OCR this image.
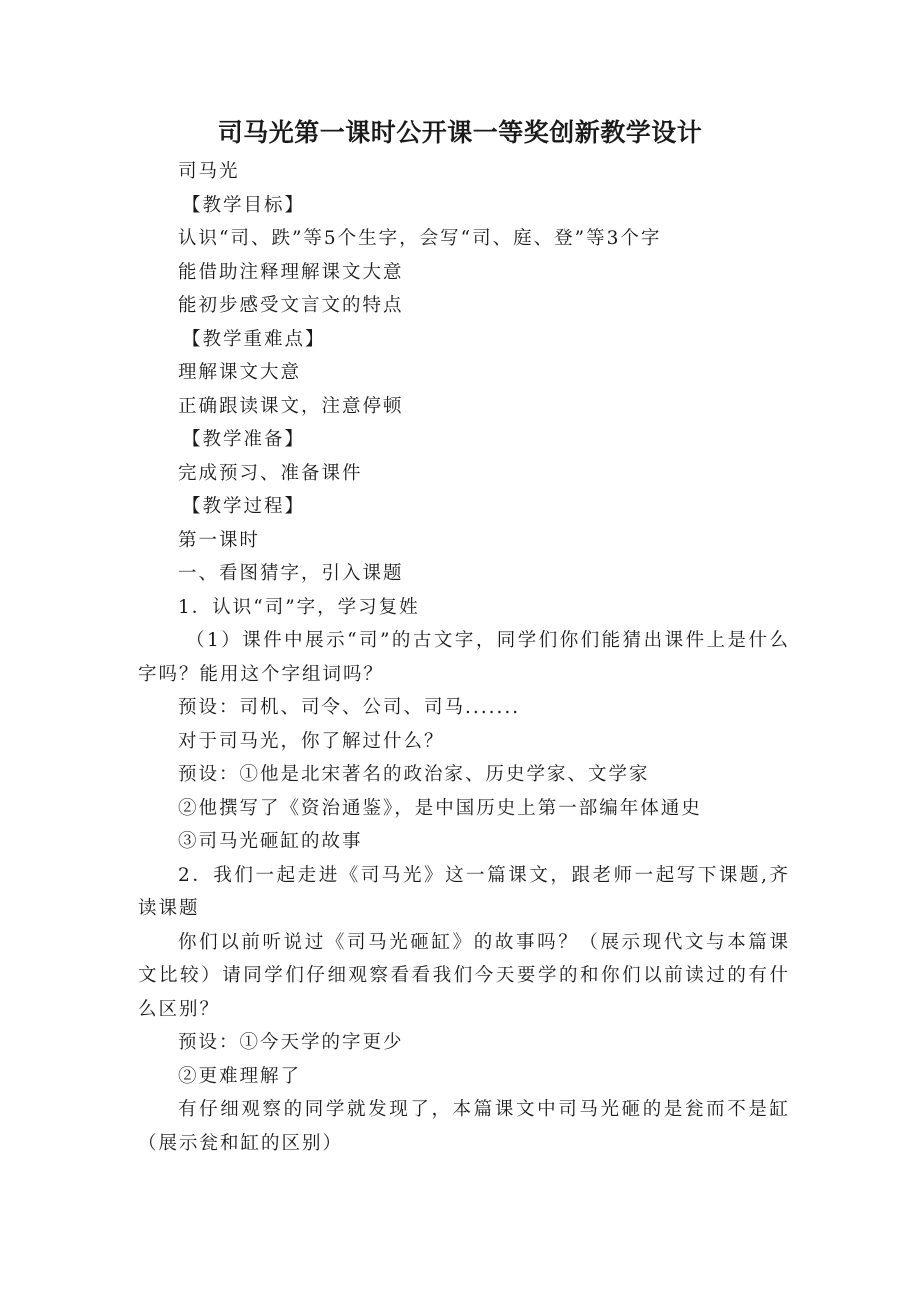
司马光第一课时公开课一等奖创新教学设计

司马光

【教学目标】

认识“司、跌”等5个生字，会写“司、庭、登”等3个字

能借助注释理解课文大意

能初步感受文言文的特点

【教学重难点】

理解课文大意

正确跟读课文，注意停顿

【教学准备】

完成预习、准备课件

【教学过程】

第一课时

一、看图猜字，引入课题

1．认识“司”字，学习复姓

（1）课件中展示“司”的古文字，同学们你们能猜出课件上是什么字吗？能用这个字组词吗？

预设：司机、司令、公司、司马.......

对于司马光，你了解过什么？

预设：①他是北宋著名的政治家、历史学家、文学家

②他撰写了《资治通鉴》，是中国历史上第一部编年体通史

③司马光砸缸的故事

2．我们一起走进《司马光》这一篇课文，跟老师一起写下课题,齐读课题

你们以前听说过《司马光砸缸》的故事吗？（展示现代文与本篇课文比较）请同学们仔细观察看看我们今天要学的和你们以前读过的有什么区别？

预设：①今天学的字更少

②更难理解了

有仔细观察的同学就发现了，本篇课文中司马光砸的是瓮而不是缸（展示瓮和缸的区别）
